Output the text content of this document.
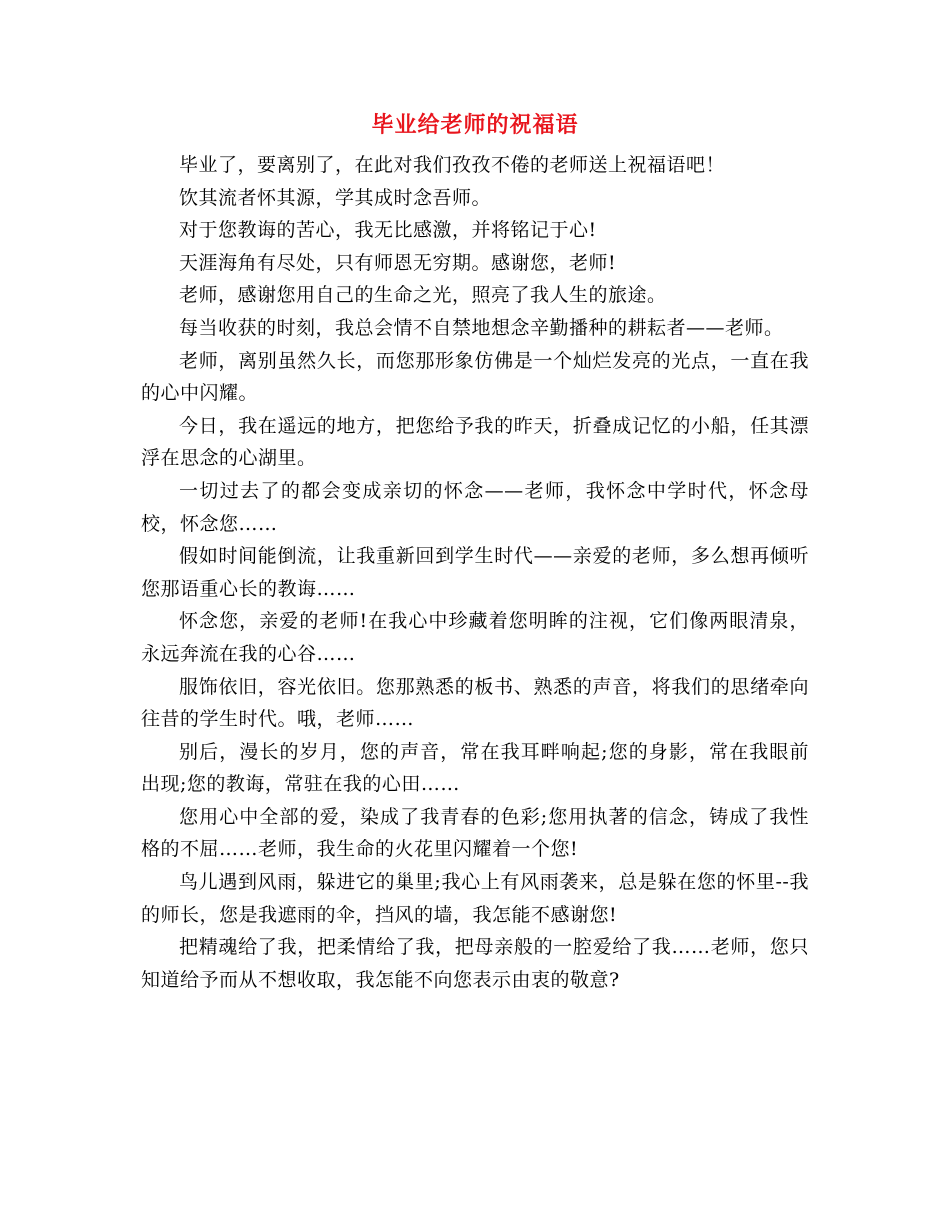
毕业给老师的祝福语

毕业了，要离别了，在此对我们孜孜不倦的老师送上祝福语吧！

饮其流者怀其源，学其成时念吾师。

对于您教诲的苦心，我无比感激，并将铭记于心!

天涯海角有尽处，只有师恩无穷期。感谢您，老师!

老师，感谢您用自己的生命之光，照亮了我人生的旅途。

每当收获的时刻，我总会情不自禁地想念辛勤播种的耕耘者——老师。

老师，离别虽然久长，而您那形象仿佛是一个灿烂发亮的光点，一直在我的心中闪耀。

今日，我在遥远的地方，把您给予我的昨天，折叠成记忆的小船，任其漂浮在思念的心湖里。

一切过去了的都会变成亲切的怀念——老师，我怀念中学时代，怀念母校，怀念您……

假如时间能倒流，让我重新回到学生时代——亲爱的老师，多么想再倾听您那语重心长的教诲……

怀念您，亲爱的老师!在我心中珍藏着您明眸的注视，它们像两眼清泉，永远奔流在我的心谷……

服饰依旧，容光依旧。您那熟悉的板书、熟悉的声音，将我们的思绪牵向往昔的学生时代。哦，老师……

别后，漫长的岁月，您的声音，常在我耳畔响起;您的身影，常在我眼前出现;您的教诲，常驻在我的心田……

您用心中全部的爱，染成了我青春的色彩;您用执著的信念，铸成了我性格的不屈……老师，我生命的火花里闪耀着一个您!

鸟儿遇到风雨，躲进它的巢里;我心上有风雨袭来，总是躲在您的怀里--我的师长，您是我遮雨的伞，挡风的墙，我怎能不感谢您!

把精魂给了我，把柔情给了我，把母亲般的一腔爱给了我……老师，您只知道给予而从不想收取，我怎能不向您表示由衷的敬意?
